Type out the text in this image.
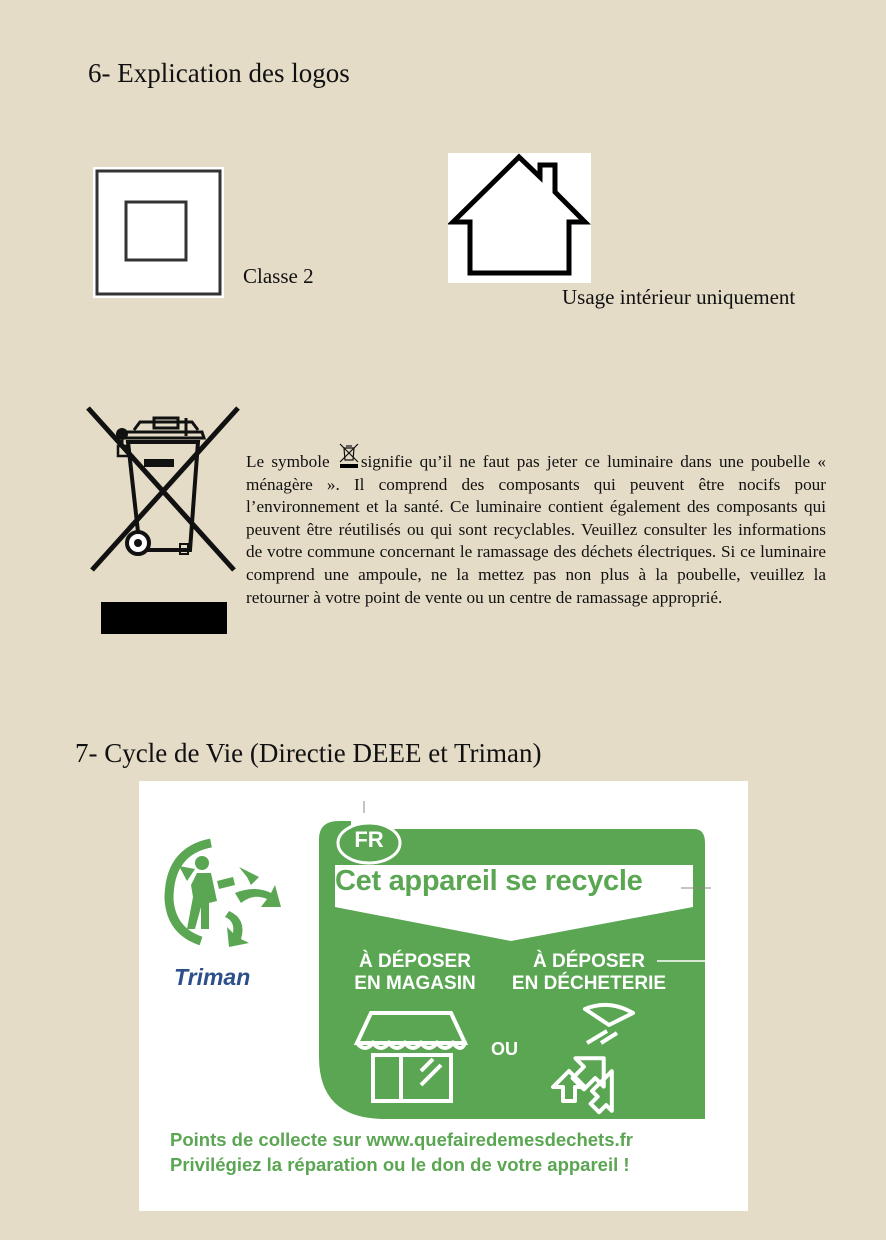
6- Explication des logos
Classe 2
Usage intérieur uniquement
Le symbole signifie qu’il ne faut pas jeter ce luminaire dans une poubelle « ménagère ». Il comprend des composants qui peuvent être nocifs pour l’environnement et la santé. Ce luminaire contient également des composants qui peuvent être réutilisés ou qui sont recyclables. Veuillez consulter les informations de votre commune concernant le ramassage des déchets électriques. Si ce luminaire comprend une ampoule, ne la mettez pas non plus à la poubelle, veuillez la retourner à votre point de vente ou un centre de ramassage approprié.
7- Cycle de Vie (Directie DEEE et Triman)
Triman
FR
Cet appareil se recycle
À DÉPOSER
EN MAGASIN
À DÉPOSER
EN DÉCHETERIE
OU
Points de collecte sur www.quefairedemesdechets.fr
Privilégiez la réparation ou le don de votre appareil !
